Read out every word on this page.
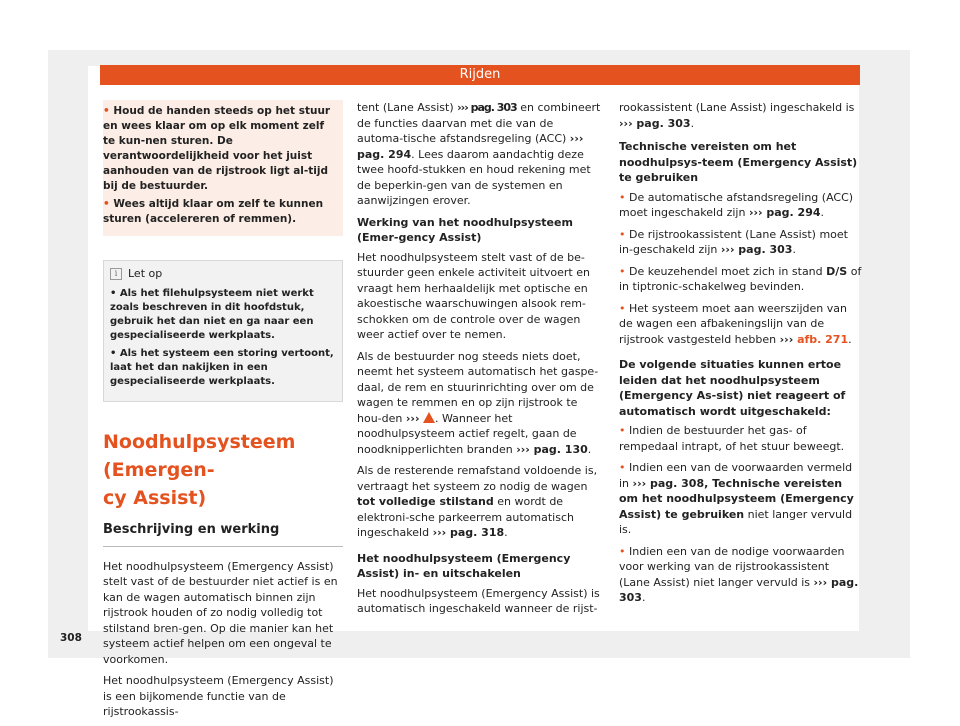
Rijden

• Houd de handen steeds op het stuur en wees klaar om op elk moment zelf te kun-nen sturen. De verantwoordelijkheid voor het juist aanhouden van de rijstrook ligt al-tijd bij de bestuurder.

• Wees altijd klaar om zelf te kunnen sturen (accelereren of remmen).

i Let op

• Als het filehulpsysteem niet werkt zoals beschreven in dit hoofdstuk, gebruik het dan niet en ga naar een gespecialiseerde werkplaats.

• Als het systeem een storing vertoont, laat het dan nakijken in een gespecialiseerde werkplaats.

Noodhulpsysteem (Emergen-
cy Assist)
Beschrijving en werking

Het noodhulpsysteem (Emergency Assist) stelt vast of de bestuurder niet actief is en kan de wagen automatisch binnen zijn rijstrook houden of zo nodig volledig tot stilstand bren-gen. Op die manier kan het systeem actief helpen om een ongeval te voorkomen.

Het noodhulpsysteem (Emergency Assist) is een bijkomende functie van de rijstrookassis-

tent (Lane Assist) ››› pag. 303 en combineert de functies daarvan met die van de automa-tische afstandsregeling (ACC) ››› pag. 294. Lees daarom aandachtig deze twee hoofd-stukken en houd rekening met de beperkin-gen van de systemen en aanwijzingen erover.

Werking van het noodhulpsysteem (Emer-gency Assist)

Het noodhulpsysteem stelt vast of de be-stuurder geen enkele activiteit uitvoert en vraagt hem herhaaldelijk met optische en akoestische waarschuwingen alsook rem-schokken om de controle over de wagen weer actief over te nemen.

Als de bestuurder nog steeds niets doet, neemt het systeem automatisch het gaspe-daal, de rem en stuurinrichting over om de wagen te remmen en op zijn rijstrook te hou-den ››› . Wanneer het noodhulpsysteem actief regelt, gaan de noodknipperlichten branden ››› pag. 130.

Als de resterende remafstand voldoende is, vertraagt het systeem zo nodig de wagen tot volledige stilstand en wordt de elektroni-sche parkeerrem automatisch ingeschakeld ››› pag. 318.

Het noodhulpsysteem (Emergency Assist) in- en uitschakelen

Het noodhulpsysteem (Emergency Assist) is automatisch ingeschakeld wanneer de rijst-

rookassistent (Lane Assist) ingeschakeld is ››› pag. 303.

Technische vereisten om het noodhulpsys-teem (Emergency Assist) te gebruiken

• De automatische afstandsregeling (ACC) moet ingeschakeld zijn ››› pag. 294.

• De rijstrookassistent (Lane Assist) moet in-geschakeld zijn ››› pag. 303.

• De keuzehendel moet zich in stand D/S of in tiptronic-schakelweg bevinden.

• Het systeem moet aan weerszijden van de wagen een afbakeningslijn van de rijstrook vastgesteld hebben ››› afb. 271.

De volgende situaties kunnen ertoe leiden dat het noodhulpsysteem (Emergency As-sist) niet reageert of automatisch wordt uitgeschakeld:

• Indien de bestuurder het gas- of rempedaal intrapt, of het stuur beweegt.

• Indien een van de voorwaarden vermeld in ››› pag. 308, Technische vereisten om het noodhulpsysteem (Emergency Assist) te gebruiken niet langer vervuld is.

• Indien een van de nodige voorwaarden voor werking van de rijstrookassistent (Lane Assist) niet langer vervuld is ››› pag. 303.

308
